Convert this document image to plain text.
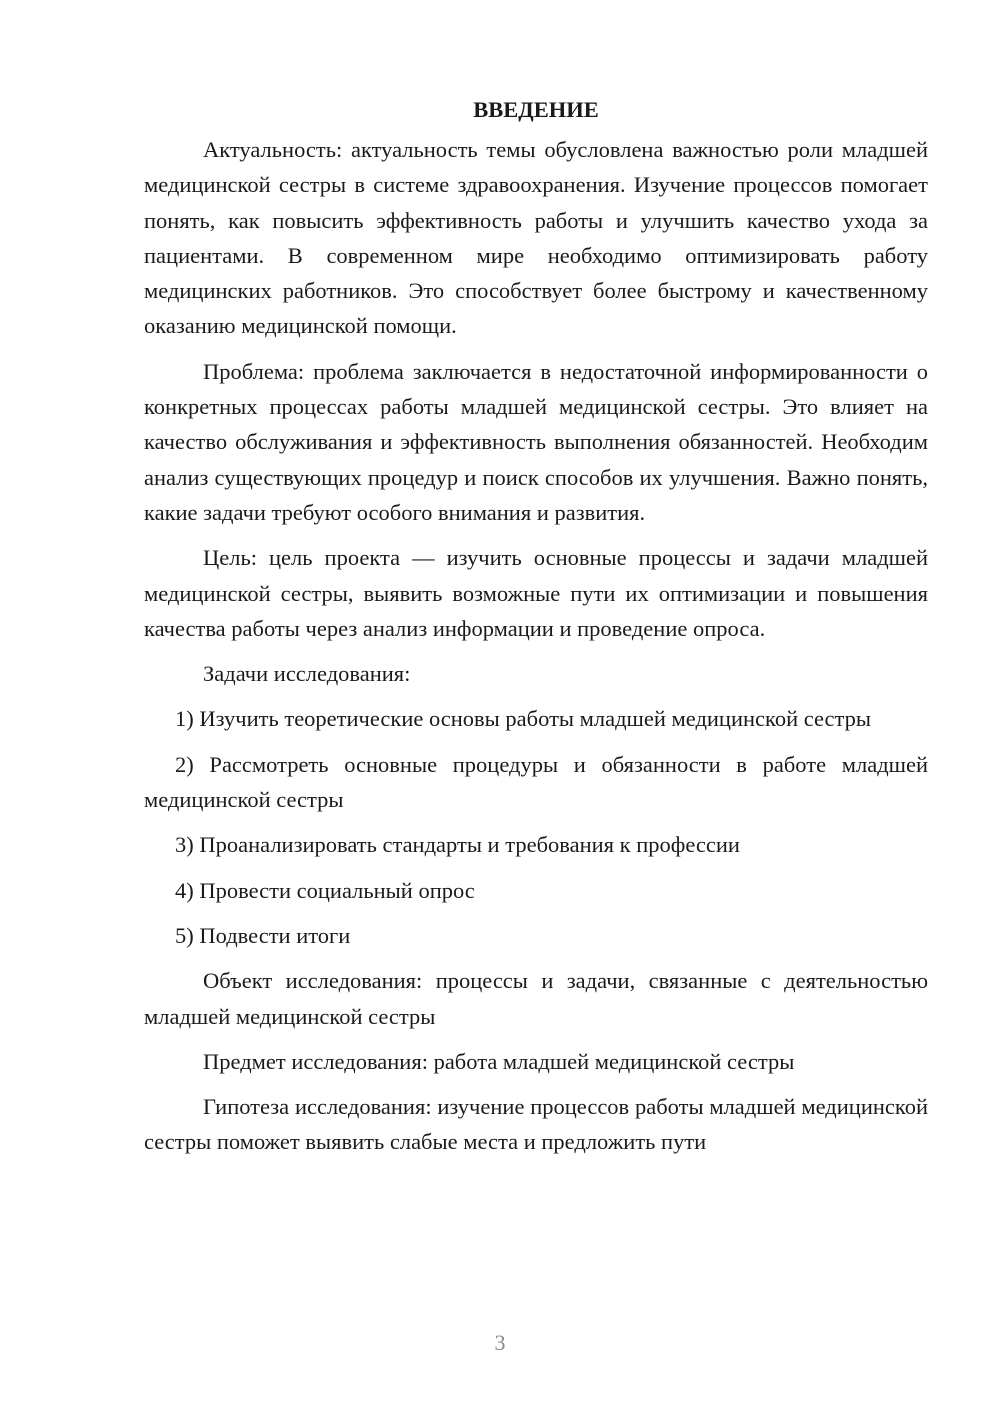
ВВЕДЕНИЕ

Актуальность: актуальность темы обусловлена важностью роли младшей медицинской сестры в системе здравоохранения. Изучение процессов помогает понять, как повысить эффективность работы и улучшить качество ухода за пациентами. В современном мире необходимо оптимизировать работу медицинских работников. Это способствует более быстрому и качественному оказанию медицинской помощи.

Проблема: проблема заключается в недостаточной информированности о конкретных процессах работы младшей медицинской сестры. Это влияет на качество обслуживания и эффективность выполнения обязанностей. Необходим анализ существующих процедур и поиск способов их улучшения. Важно понять, какие задачи требуют особого внимания и развития.

Цель: цель проекта — изучить основные процессы и задачи младшей медицинской сестры, выявить возможные пути их оптимизации и повышения качества работы через анализ информации и проведение опроса.

Задачи исследования:

1) Изучить теоретические основы работы младшей медицинской сестры

2) Рассмотреть основные процедуры и обязанности в работе младшей медицинской сестры

3) Проанализировать стандарты и требования к профессии

4) Провести социальный опрос

5) Подвести итоги

Объект исследования: процессы и задачи, связанные с деятельностью младшей медицинской сестры

Предмет исследования: работа младшей медицинской сестры

Гипотеза исследования: изучение процессов работы младшей медицинской сестры поможет выявить слабые места и предложить пути

3
